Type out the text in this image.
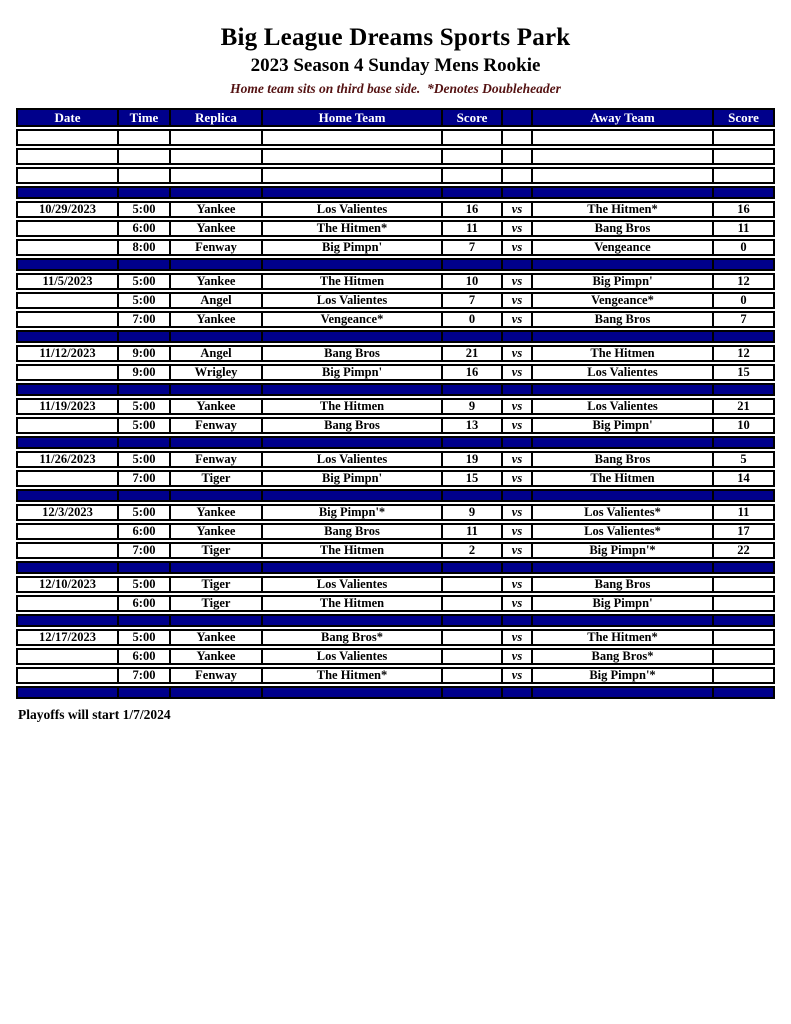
Big League Dreams Sports Park
2023 Season 4 Sunday Mens Rookie
Home team sits on third base side.  *Denotes Doubleheader
Date	Time	Replica	Home Team	Score		Away Team	Score

10/29/2023	5:00	Yankee	Los Valientes	16	vs	The Hitmen*	16
	6:00	Yankee	The Hitmen*	11	vs	Bang Bros	11
	8:00	Fenway	Big Pimpn'	7	vs	Vengeance	0

11/5/2023	5:00	Yankee	The Hitmen	10	vs	Big Pimpn'	12
	5:00	Angel	Los Valientes	7	vs	Vengeance*	0
	7:00	Yankee	Vengeance*	0	vs	Bang Bros	7

11/12/2023	9:00	Angel	Bang Bros	21	vs	The Hitmen	12
	9:00	Wrigley	Big Pimpn'	16	vs	Los Valientes	15

11/19/2023	5:00	Yankee	The Hitmen	9	vs	Los Valientes	21
	5:00	Fenway	Bang Bros	13	vs	Big Pimpn'	10

11/26/2023	5:00	Fenway	Los Valientes	19	vs	Bang Bros	5
	7:00	Tiger	Big Pimpn'	15	vs	The Hitmen	14

12/3/2023	5:00	Yankee	Big Pimpn'*	9	vs	Los Valientes*	11
	6:00	Yankee	Bang Bros	11	vs	Los Valientes*	17
	7:00	Tiger	The Hitmen	2	vs	Big Pimpn'*	22

12/10/2023	5:00	Tiger	Los Valientes		vs	Bang Bros	
	6:00	Tiger	The Hitmen		vs	Big Pimpn'	

12/17/2023	5:00	Yankee	Bang Bros*		vs	The Hitmen*	
	6:00	Yankee	Los Valientes		vs	Bang Bros*	
	7:00	Fenway	The Hitmen*		vs	Big Pimpn'*	

Playoffs will start 1/7/2024
